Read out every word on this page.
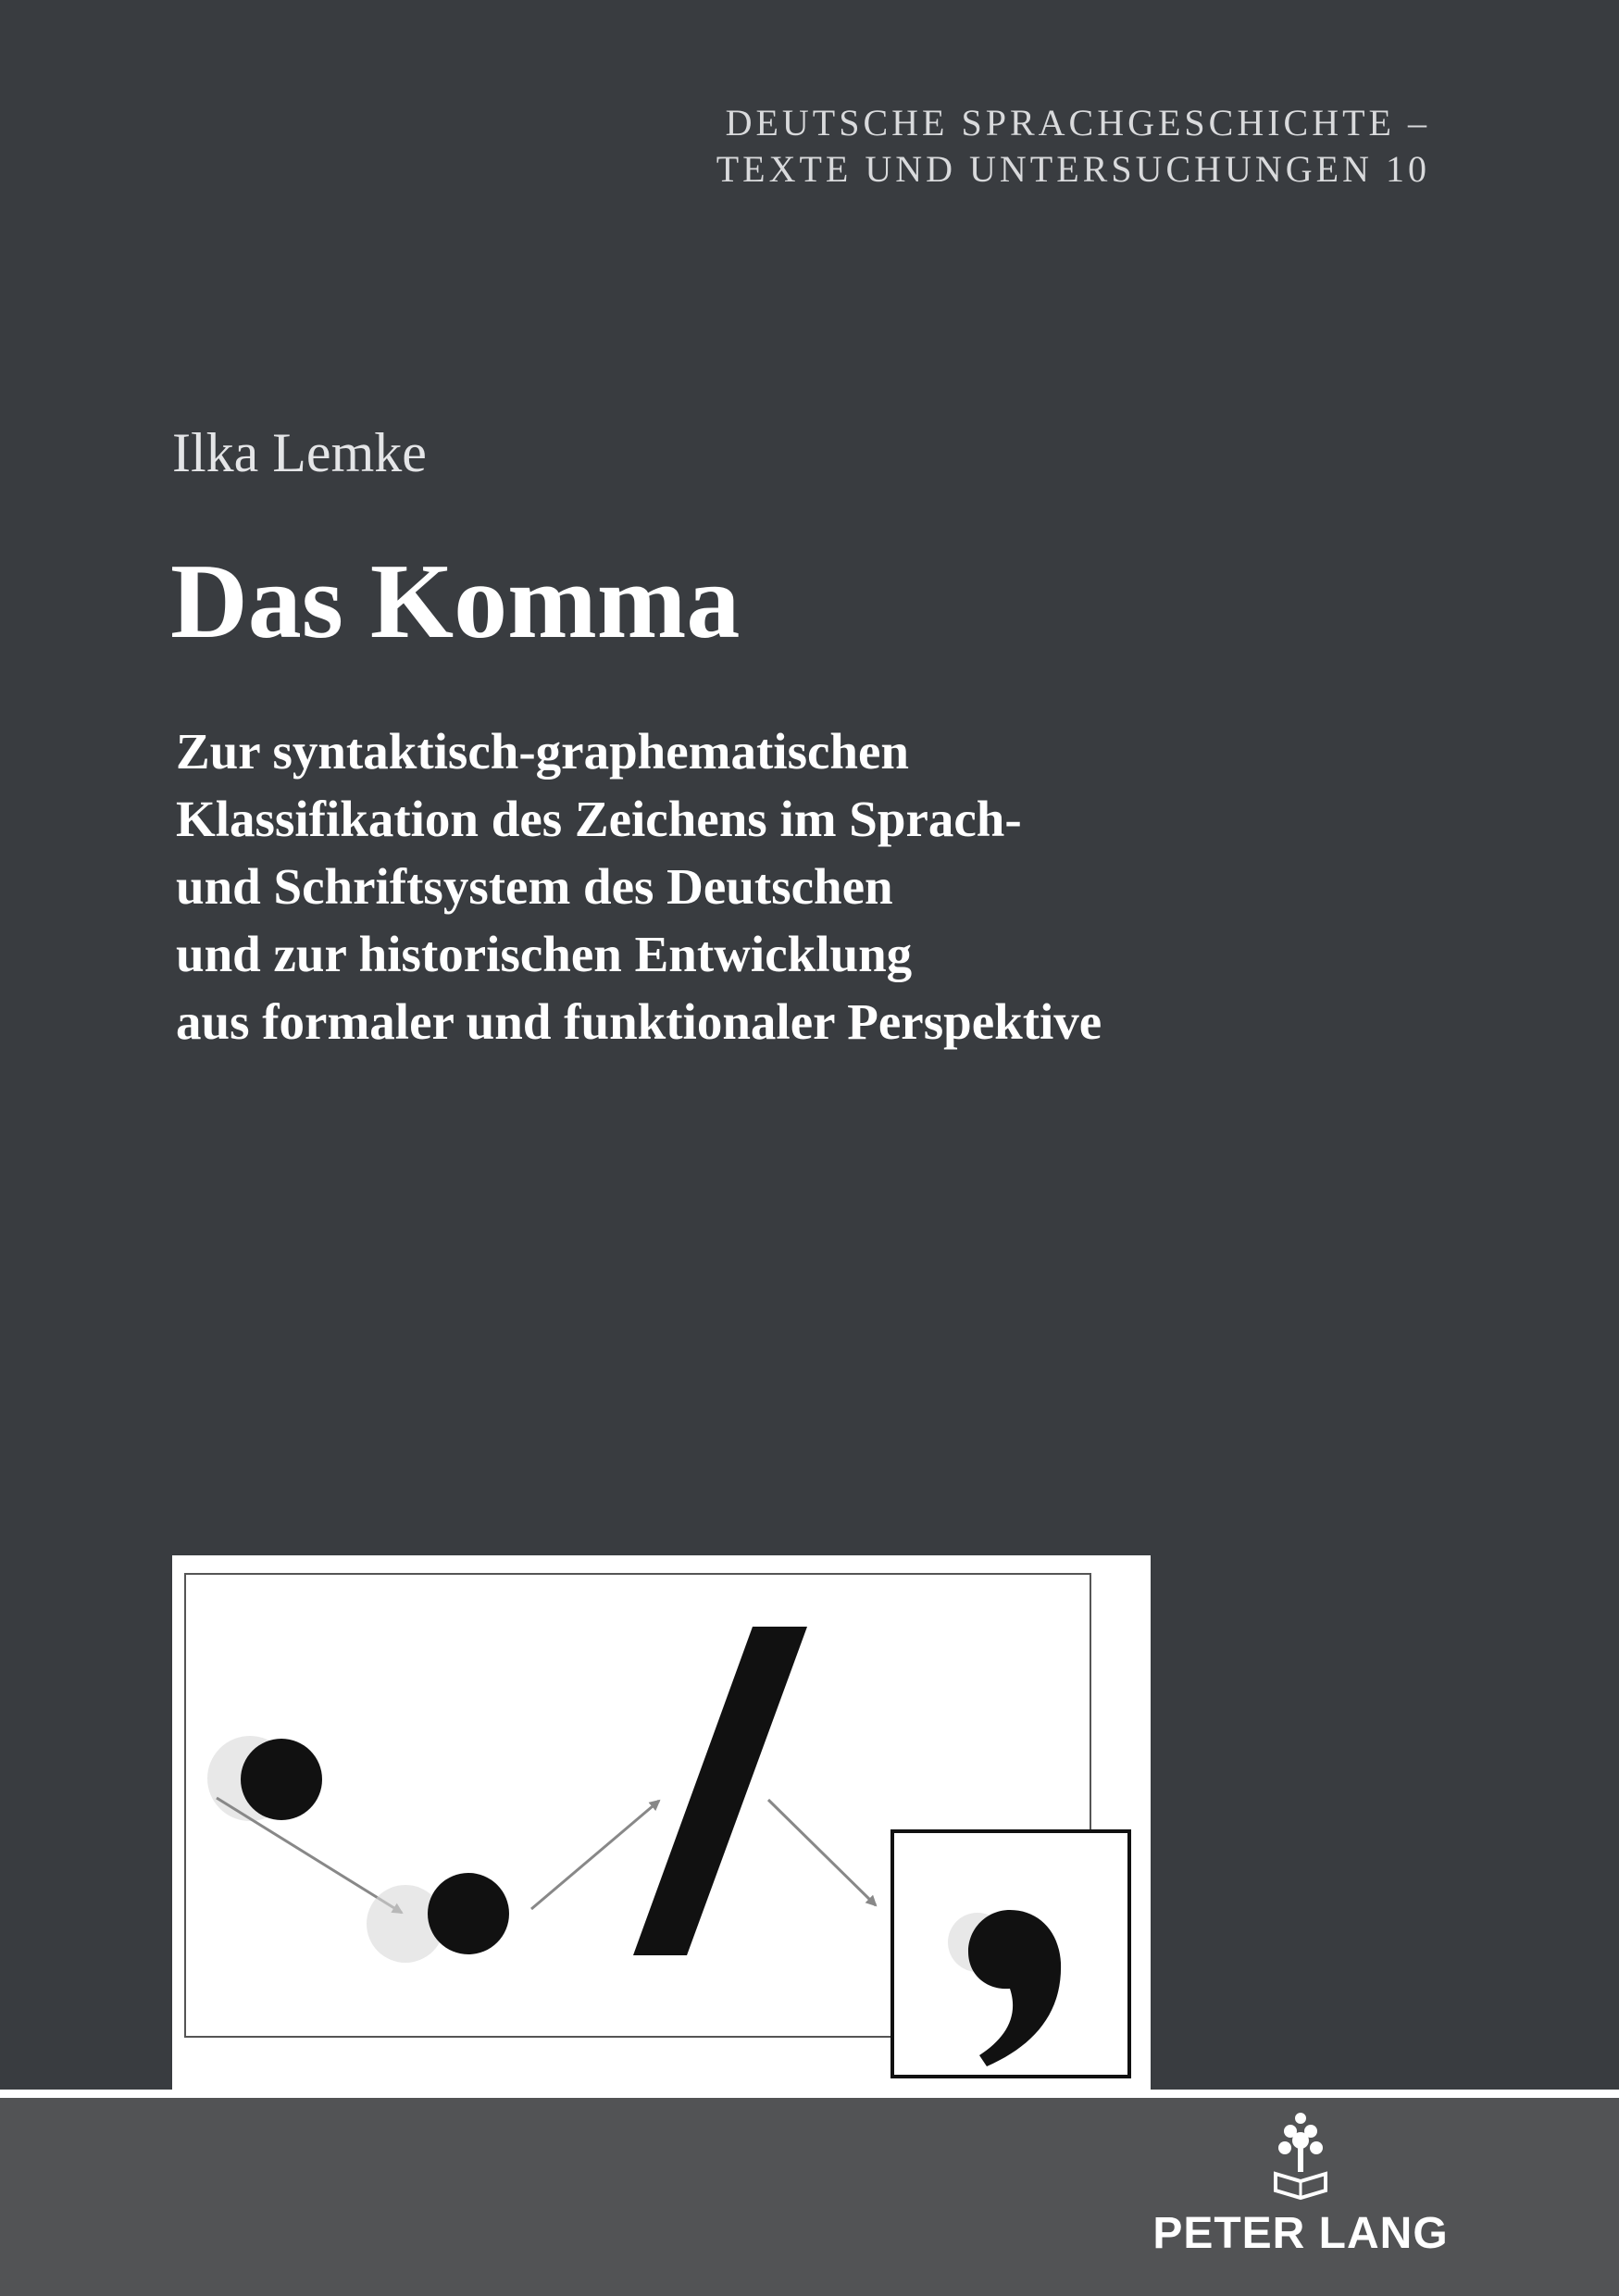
DEUTSCHE SPRACHGESCHICHTE –
TEXTE UND UNTERSUCHUNGEN 10
Ilka Lemke
Das Komma
Zur syntaktisch-graphematischen
Klassifikation des Zeichens im Sprach-
und Schriftsystem des Deutschen
und zur historischen Entwicklung
aus formaler und funktionaler Perspektive
PETER LANG
